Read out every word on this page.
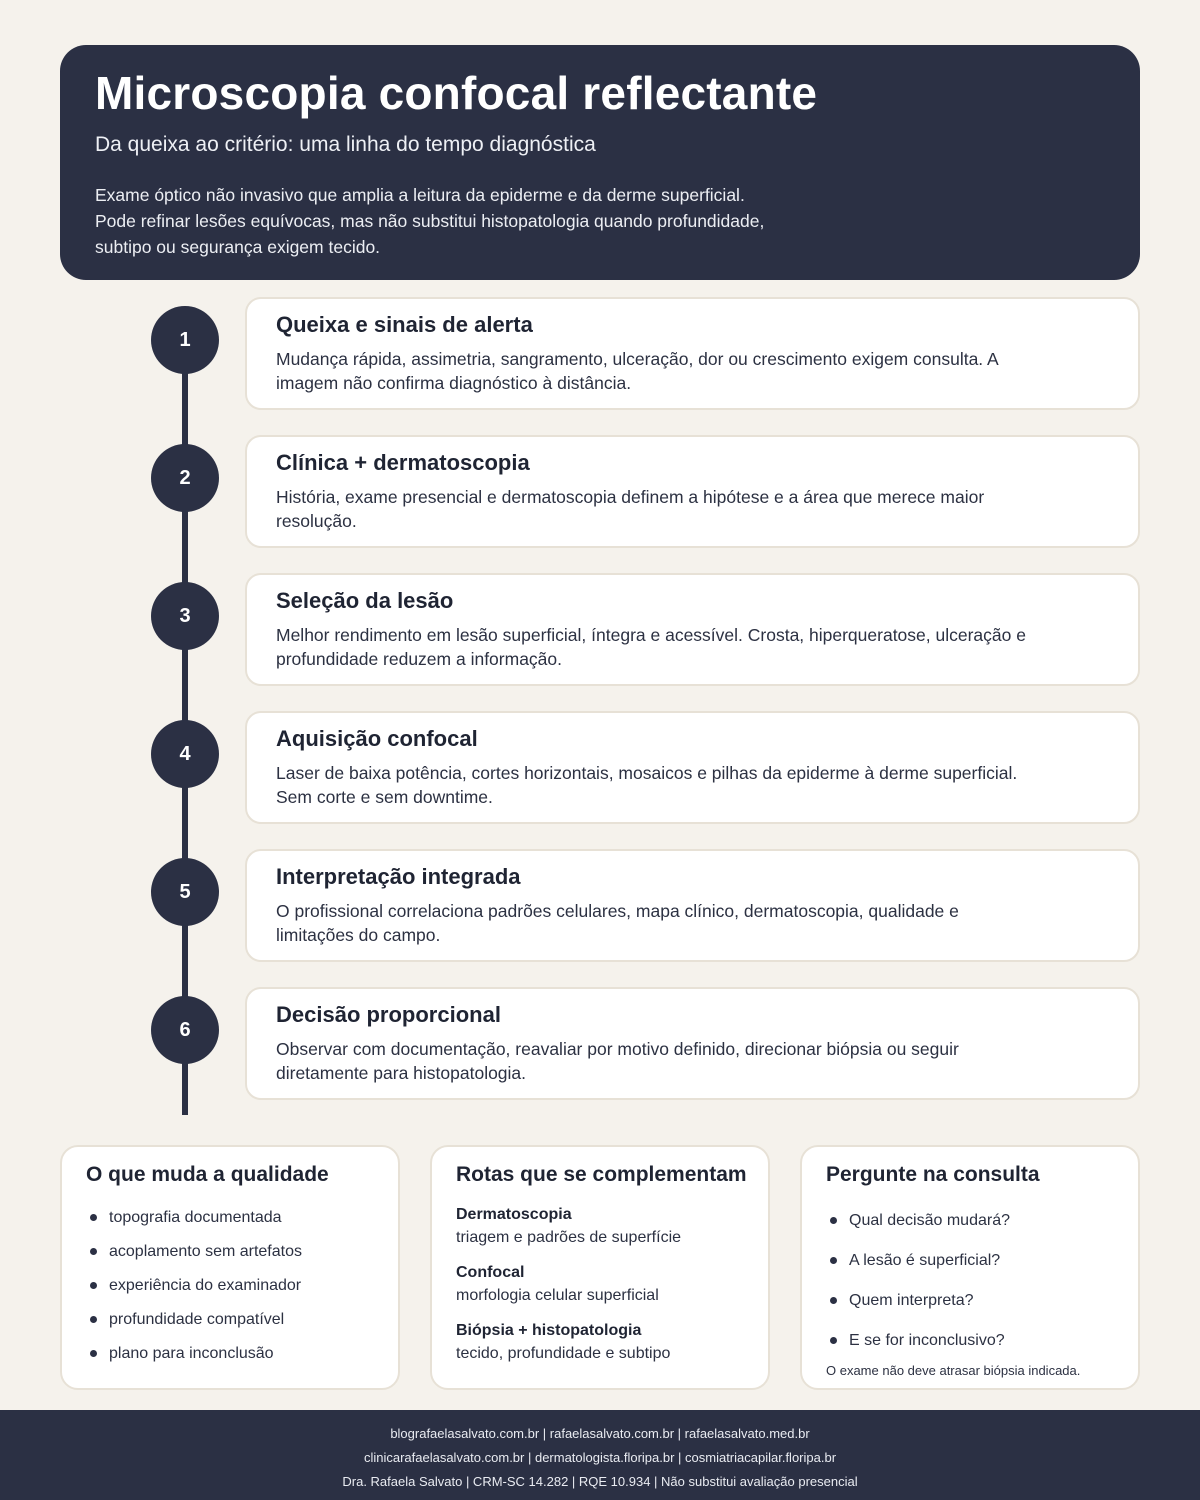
Microscopia confocal reflectante
Da queixa ao critério: uma linha do tempo diagnóstica
Exame óptico não invasivo que amplia a leitura da epiderme e da derme superficial.
Pode refinar lesões equívocas, mas não substitui histopatologia quando profundidade,
subtipo ou segurança exigem tecido.
1
Queixa e sinais de alerta
Mudança rápida, assimetria, sangramento, ulceração, dor ou crescimento exigem consulta. A imagem não confirma diagnóstico à distância.
2
Clínica + dermatoscopia
História, exame presencial e dermatoscopia definem a hipótese e a área que merece maior resolução.
3
Seleção da lesão
Melhor rendimento em lesão superficial, íntegra e acessível. Crosta, hiperqueratose, ulceração e profundidade reduzem a informação.
4
Aquisição confocal
Laser de baixa potência, cortes horizontais, mosaicos e pilhas da epiderme à derme superficial. Sem corte e sem downtime.
5
Interpretação integrada
O profissional correlaciona padrões celulares, mapa clínico, dermatoscopia, qualidade e limitações do campo.
6
Decisão proporcional
Observar com documentação, reavaliar por motivo definido, direcionar biópsia ou seguir diretamente para histopatologia.
O que muda a qualidade
topografia documentada
acoplamento sem artefatos
experiência do examinador
profundidade compatível
plano para inconclusão
Rotas que se complementam
Dermatoscopia
triagem e padrões de superfície
Confocal
morfologia celular superficial
Biópsia + histopatologia
tecido, profundidade e subtipo
Pergunte na consulta
Qual decisão mudará?
A lesão é superficial?
Quem interpreta?
E se for inconclusivo?
O exame não deve atrasar biópsia indicada.
blografaelasalvato.com.br | rafaelasalvato.com.br | rafaelasalvato.med.br
clinicarafaelasalvato.com.br | dermatologista.floripa.br | cosmiatriacapilar.floripa.br
Dra. Rafaela Salvato | CRM-SC 14.282 | RQE 10.934 | Não substitui avaliação presencial
